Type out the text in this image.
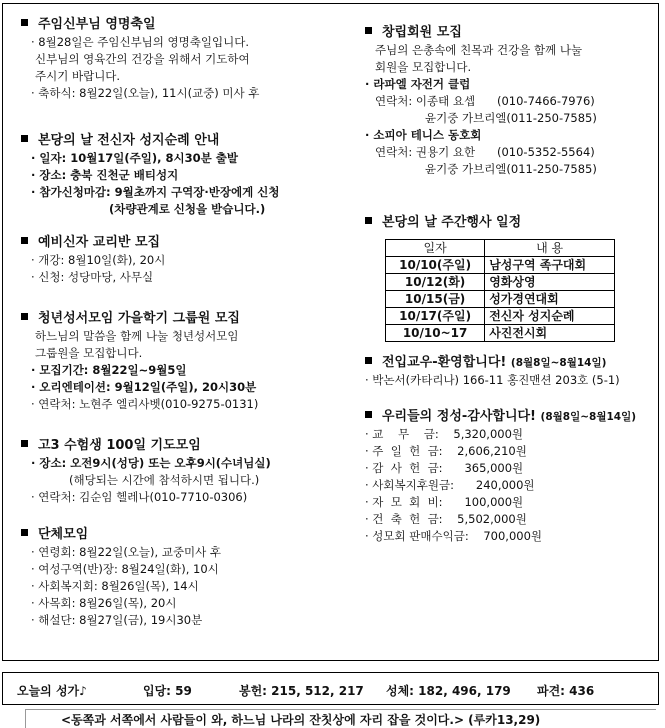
주임신부님 영명축일
· 8월28일은 주임신부님의 영명축일입니다.
신부님의 영육간의 건강을 위해서 기도하여
주시기 바랍니다.
· 축하식: 8월22일(오늘), 11시(교중) 미사 후
본당의 날 전신자 성지순례 안내
· 일자: 10월17일(주일), 8시30분 출발
· 장소: 충북 진천군 배티성지
· 참가신청마감: 9월초까지 구역장·반장에게 신청
(차량관계로 신청을 받습니다.)
예비신자 교리반 모집
· 개강: 8월10일(화), 20시
· 신청: 성당마당, 사무실
청년성서모임 가을학기 그룹원 모집
하느님의 말씀을 함께 나눌 청년성서모임
그룹원을 모집합니다.
· 모집기간: 8월22일~9월5일
· 오리엔테이션: 9월12일(주일), 20시30분
· 연락처: 노현주 엘리사벳(010-9275-0131)
고3 수험생 100일 기도모임
· 장소: 오전9시(성당) 또는 오후9시(수녀님실)
(해당되는 시간에 참석하시면 됩니다.)
· 연락처: 김순임 헬레나(010-7710-0306)
단체모임
· 연령회: 8월22일(오늘), 교중미사 후
· 여성구역(반)장: 8월24일(화), 10시
· 사회복지회: 8월26일(목), 14시
· 사목회: 8월26일(목), 20시
· 해설단: 8월27일(금), 19시30분
창립회원 모집
주님의 은총속에 친목과 건강을 함께 나눌
회원을 모집합니다.
· 라파엘 자전거 클럽
연락처: 이종태 요셉      (010-7466-7976)
윤기중 가브리엘(011-250-7585)
· 소피아 테니스 동호회
연락처: 권용기 요한      (010-5352-5564)
윤기중 가브리엘(011-250-7585)
본당의 날 주간행사 일정
일자	내 용
10/10(주일)	남성구역 족구대회
10/12(화)	영화상영
10/15(금)	성가경연대회
10/17(주일)	전신자 성지순례
10/10~17	사진전시회
전입교우-환영합니다! (8월8일~8월14일)
· 박논서(카타리나) 166-11 홍진맨션 203호 (5-1)
우리들의 정성-감사합니다! (8월8일~8월14일)
· 교    무    금:    5,320,000원
· 주  일  헌  금:    2,606,210원
· 감  사  헌  금:      365,000원
· 사회복지후원금:      240,000원
· 자  모  회  비:      100,000원
· 건  축  헌  금:    5,502,000원
· 성모회 판매수익금:    700,000원
오늘의 성가♪	입당: 59	봉헌: 215, 512, 217 성체: 182, 496, 179 파견: 436
<동쪽과 서쪽에서 사람들이 와, 하느님 나라의 잔칫상에 자리 잡을 것이다.> (루카13,29)
